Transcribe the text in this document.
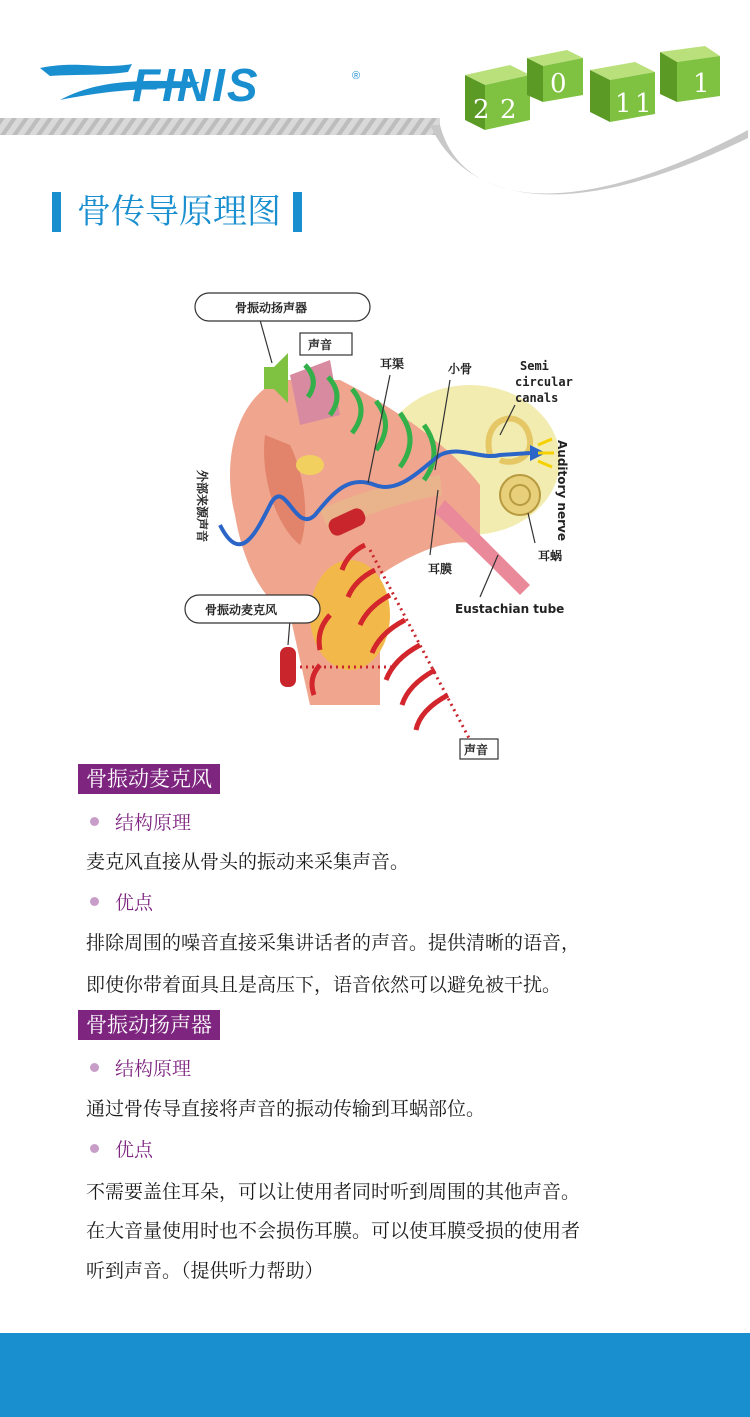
FINIS	®
2 2
0
1 1
1
骨传导原理图
骨振动扬声器
声音
耳渠	小骨	Semi
circular
canals
Auditory nerve
外部来源声音
耳膜
耳蜗
Eustachian tube
骨振动麦克风
声音
骨振动麦克风
结构原理
麦克风直接从骨头的振动来采集声音。
优点
排除周围的噪音直接采集讲话者的声音。提供清晰的语音，
即使你带着面具且是高压下，语音依然可以避免被干扰。
骨振动扬声器
结构原理
通过骨传导直接将声音的振动传输到耳蜗部位。
优点
不需要盖住耳朵，可以让使用者同时听到周围的其他声音。
在大音量使用时也不会损伤耳膜。可以使耳膜受损的使用者
听到声音。（提供听力帮助）
